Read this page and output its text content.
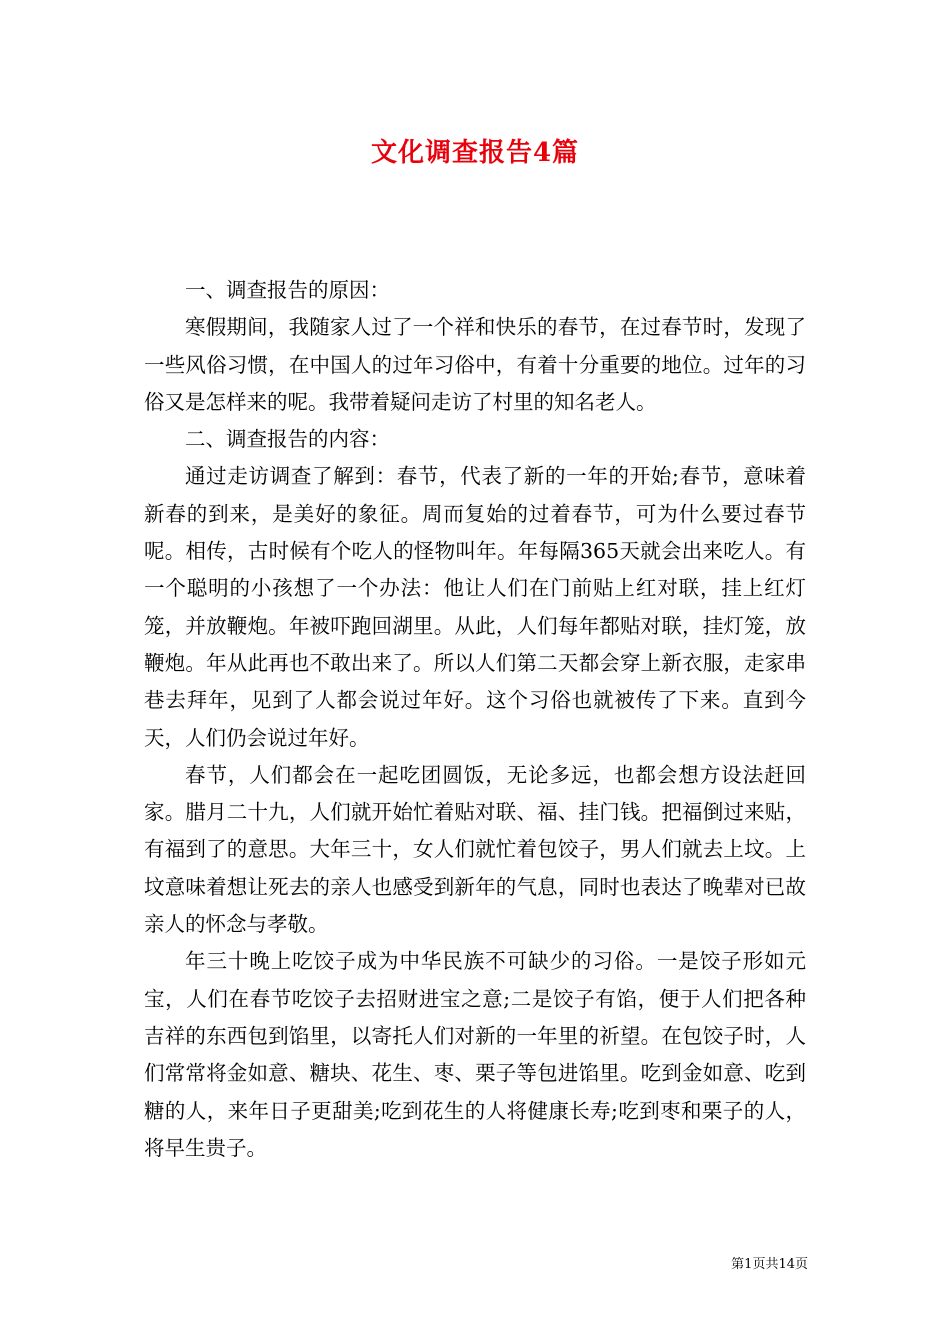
文化调查报告4篇

一、调查报告的原因：

寒假期间，我随家人过了一个祥和快乐的春节，在过春节时，发现了一些风俗习惯，在中国人的过年习俗中，有着十分重要的地位。过年的习俗又是怎样来的呢。我带着疑问走访了村里的知名老人。

二、调查报告的内容：

通过走访调查了解到：春节，代表了新的一年的开始;春节，意味着新春的到来，是美好的象征。周而复始的过着春节，可为什么要过春节呢。相传，古时候有个吃人的怪物叫年。年每隔365天就会出来吃人。有一个聪明的小孩想了一个办法：他让人们在门前贴上红对联，挂上红灯笼，并放鞭炮。年被吓跑回湖里。从此，人们每年都贴对联，挂灯笼，放鞭炮。年从此再也不敢出来了。所以人们第二天都会穿上新衣服，走家串巷去拜年，见到了人都会说过年好。这个习俗也就被传了下来。直到今天，人们仍会说过年好。

春节，人们都会在一起吃团圆饭，无论多远，也都会想方设法赶回家。腊月二十九，人们就开始忙着贴对联、福、挂门钱。把福倒过来贴，有福到了的意思。大年三十，女人们就忙着包饺子，男人们就去上坟。上坟意味着想让死去的亲人也感受到新年的气息，同时也表达了晚辈对已故亲人的怀念与孝敬。

年三十晚上吃饺子成为中华民族不可缺少的习俗。一是饺子形如元宝，人们在春节吃饺子去招财进宝之意;二是饺子有馅，便于人们把各种吉祥的东西包到馅里，以寄托人们对新的一年里的祈望。在包饺子时，人们常常将金如意、糖块、花生、枣、栗子等包进馅里。吃到金如意、吃到糖的人，来年日子更甜美;吃到花生的人将健康长寿;吃到枣和栗子的人，将早生贵子。

第1页共14页
